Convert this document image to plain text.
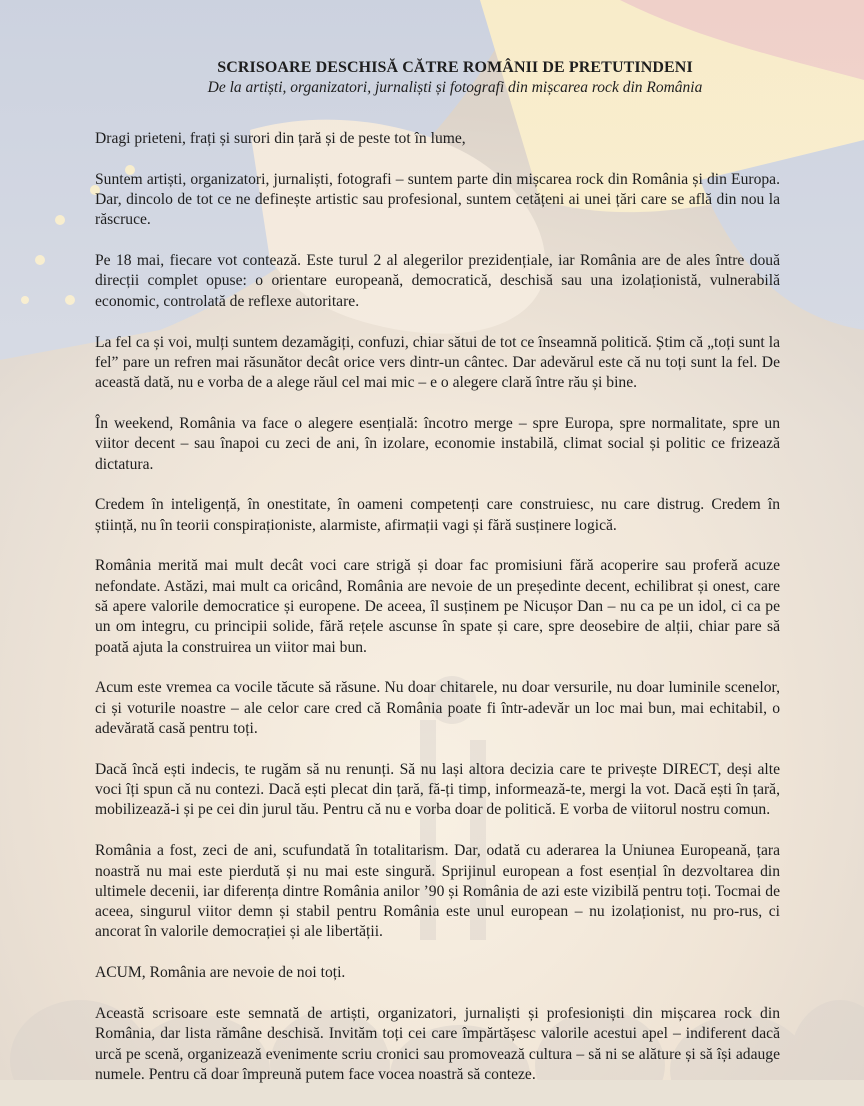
SCRISOARE DESCHISĂ CĂTRE ROMÂNII DE PRETUTINDENI
De la artiști, organizatori, jurnaliști și fotografi din mișcarea rock din România

Dragi prieteni, frați și surori din țară și de peste tot în lume,

Suntem artiști, organizatori, jurnaliști, fotografi – suntem parte din mișcarea rock din România și din Europa. Dar, dincolo de tot ce ne definește artistic sau profesional, suntem cetățeni ai unei țări care se află din nou la răscruce.

Pe 18 mai, fiecare vot contează. Este turul 2 al alegerilor prezidențiale, iar România are de ales între două direcții complet opuse: o orientare europeană, democratică, deschisă sau una izolaționistă, vulnerabilă economic, controlată de reflexe autoritare.

La fel ca și voi, mulți suntem dezamăgiți, confuzi, chiar sătui de tot ce înseamnă politică. Știm că „toți sunt la fel” pare un refren mai răsunător decât orice vers dintr-un cântec. Dar adevărul este că nu toți sunt la fel. De această dată, nu e vorba de a alege răul cel mai mic – e o alegere clară între rău și bine.

În weekend, România va face o alegere esențială: încotro merge – spre Europa, spre normalitate, spre un viitor decent – sau înapoi cu zeci de ani, în izolare, economie instabilă, climat social și politic ce frizează dictatura.

Credem în inteligență, în onestitate, în oameni competenți care construiesc, nu care distrug. Credem în știință, nu în teorii conspiraționiste, alarmiste, afirmații vagi și fără susținere logică.

România merită mai mult decât voci care strigă și doar fac promisiuni fără acoperire sau proferă acuze nefondate. Astăzi, mai mult ca oricând, România are nevoie de un președinte decent, echilibrat și onest, care să apere valorile democratice și europene. De aceea, îl susținem pe Nicușor Dan – nu ca pe un idol, ci ca pe un om integru, cu principii solide, fără rețele ascunse în spate și care, spre deosebire de alții, chiar pare să poată ajuta la construirea un viitor mai bun.

Acum este vremea ca vocile tăcute să răsune. Nu doar chitarele, nu doar versurile, nu doar luminile scenelor, ci și voturile noastre – ale celor care cred că România poate fi într-adevăr un loc mai bun, mai echitabil, o adevărată casă pentru toți.

Dacă încă ești indecis, te rugăm să nu renunți. Să nu lași altora decizia care te privește DIRECT, deși alte voci îți spun că nu contezi. Dacă ești plecat din țară, fă-ți timp, informează-te, mergi la vot. Dacă ești în țară, mobilizează-i și pe cei din jurul tău. Pentru că nu e vorba doar de politică. E vorba de viitorul nostru comun.

România a fost, zeci de ani, scufundată în totalitarism. Dar, odată cu aderarea la Uniunea Europeană, țara noastră nu mai este pierdută și nu mai este singură. Sprijinul european a fost esențial în dezvoltarea din ultimele decenii, iar diferența dintre România anilor ’90 și România de azi este vizibilă pentru toți. Tocmai de aceea, singurul viitor demn și stabil pentru România este unul european – nu izolaționist, nu pro-rus, ci ancorat în valorile democrației și ale libertății.

ACUM, România are nevoie de noi toți.

Această scrisoare este semnată de artiști, organizatori, jurnaliști și profesioniști din mișcarea rock din România, dar lista rămâne deschisă. Invităm toți cei care împărtășesc valorile acestui apel – indiferent dacă urcă pe scenă, organizează evenimente scriu cronici sau promovează cultura – să ni se alăture și să își adauge numele. Pentru că doar împreună putem face vocea noastră să conteze.
